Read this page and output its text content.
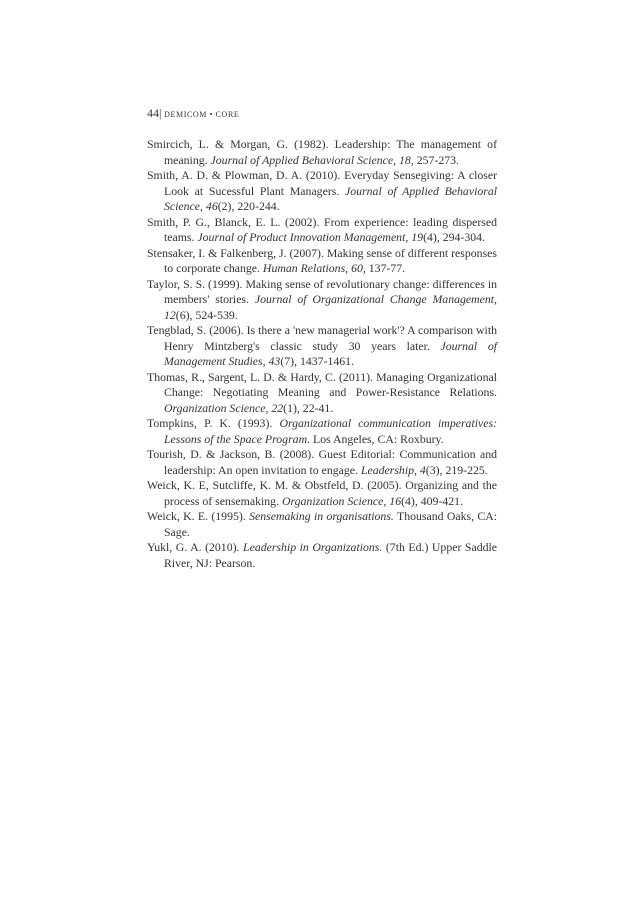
44| DEMICOM • CORE

Smircich, L. & Morgan, G. (1982). Leadership: The management of meaning. Journal of Applied Behavioral Science, 18, 257-273.

Smith, A. D. & Plowman, D. A. (2010). Everyday Sensegiving: A closer Look at Sucessful Plant Managers. Journal of Applied Behavioral Science, 46(2), 220-244.

Smith, P. G., Blanck, E. L. (2002). From experience: leading dispersed teams. Journal of Product Innovation Management, 19(4), 294-304.

Stensaker, I. & Falkenberg, J. (2007). Making sense of different responses to corporate change. Human Relations, 60, 137-77.

Taylor, S. S. (1999). Making sense of revolutionary change: differences in members' stories. Journal of Organizational Change Management, 12(6), 524-539.

Tengblad, S. (2006). Is there a 'new managerial work'? A comparison with Henry Mintzberg's classic study 30 years later. Journal of Management Studies, 43(7), 1437-1461.

Thomas, R., Sargent, L. D. & Hardy, C. (2011). Managing Organizational Change: Negotiating Meaning and Power-Resistance Relations. Organization Science, 22(1), 22-41.

Tompkins, P. K. (1993). Organizational communication imperatives: Lessons of the Space Program. Los Angeles, CA: Roxbury.

Tourish, D. & Jackson, B. (2008). Guest Editorial: Communication and leadership: An open invitation to engage. Leadership, 4(3), 219-225.

Weick, K. E, Sutcliffe, K. M. & Obstfeld, D. (2005). Organizing and the process of sensemaking. Organization Science, 16(4), 409-421.

Weick, K. E. (1995). Sensemaking in organisations. Thousand Oaks, CA: Sage.

Yukl, G. A. (2010). Leadership in Organizations. (7th Ed.) Upper Saddle River, NJ: Pearson.
